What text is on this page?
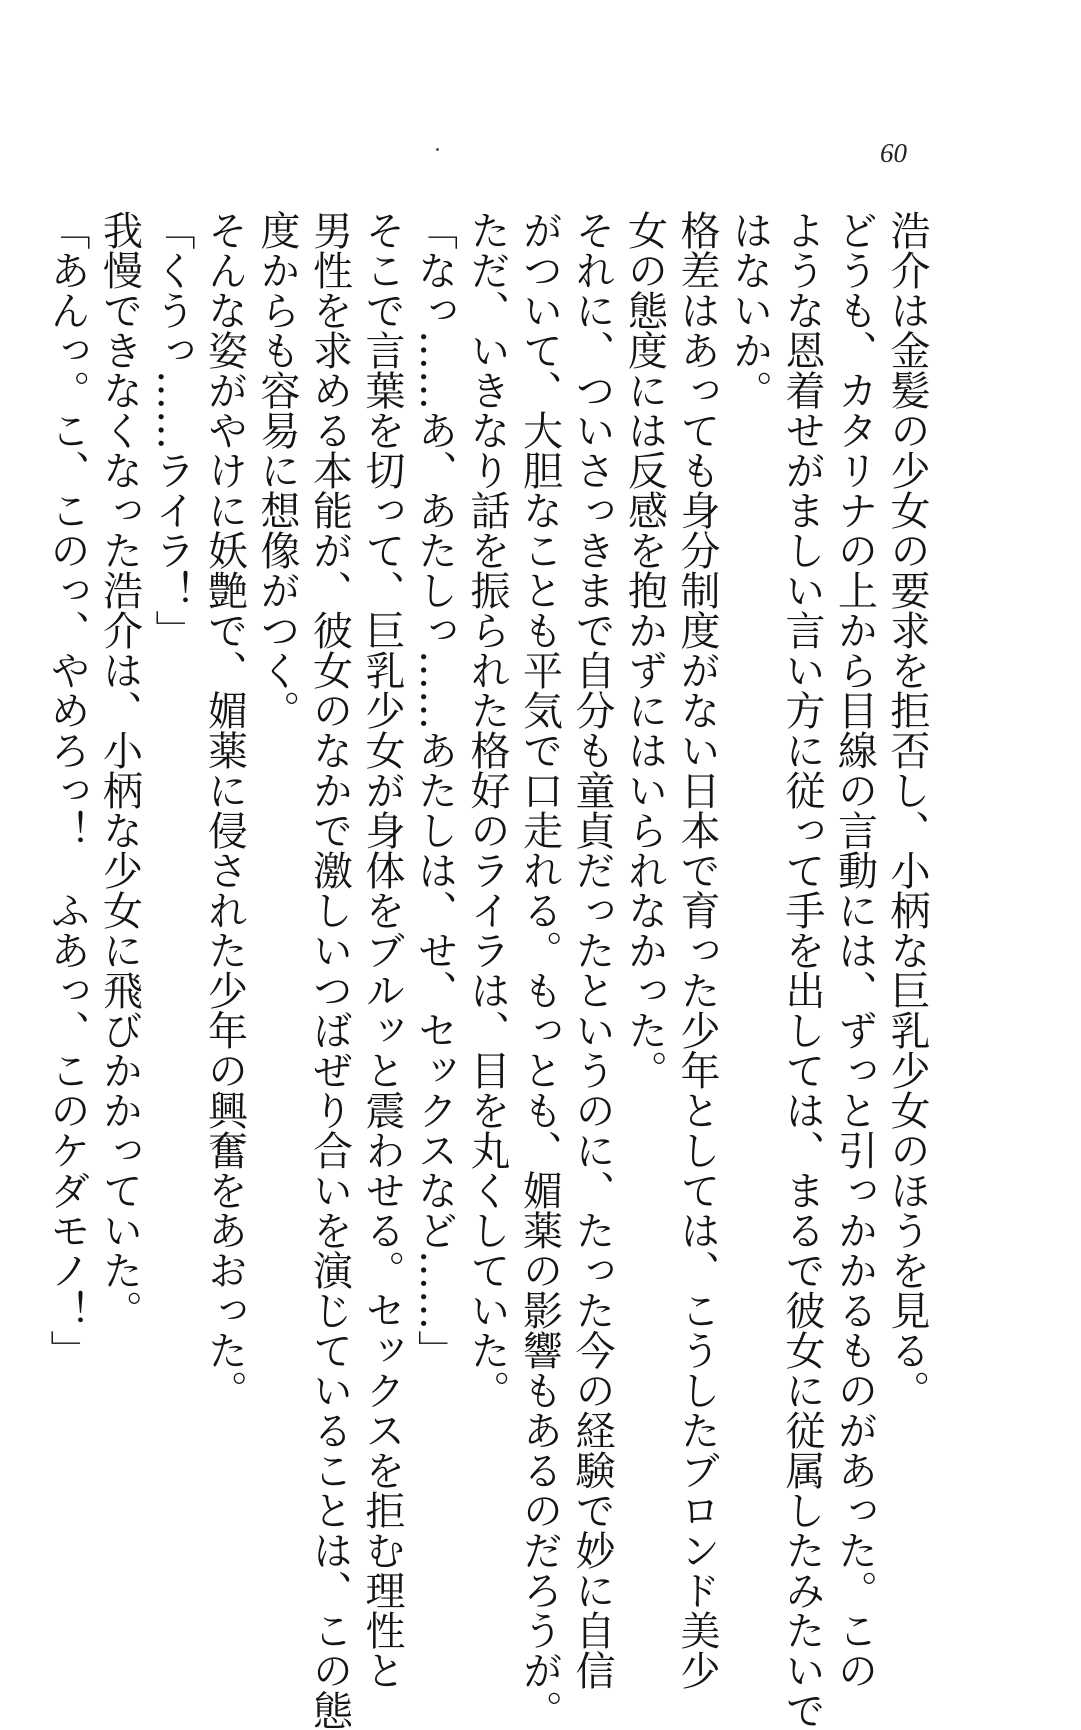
60
浩介は金髪の少女の要求を拒否し、小柄な巨乳少女のほうを見る。
どうも、カタリナの上から目線の言動には、ずっと引っかかるものがあった。この
ような恩着せがましい言い方に従って手を出しては、まるで彼女に従属したみたいで
はないか。
格差はあっても身分制度がない日本で育った少年としては、こうしたブロンド美少
女の態度には反感を抱かずにはいられなかった。
それに、ついさっきまで自分も童貞だったというのに、たった今の経験で妙に自信
がついて、大胆なことも平気で口走れる。もっとも、媚薬の影響もあるのだろうが。
ただ、いきなり話を振られた格好のライラは、目を丸くしていた。
「なっ……あ、あたしっ……あたしは、せ、セックスなど……」
そこで言葉を切って、巨乳少女が身体をブルッと震わせる。セックスを拒む理性と
男性を求める本能が、彼女のなかで激しいつばぜり合いを演じていることは、この態
度からも容易に想像がつく。
そんな姿がやけに妖艶で、媚薬に侵された少年の興奮をあおった。
「くうっ……ライラ！」
我慢できなくなった浩介は、小柄な少女に飛びかかっていた。
「あんっ。こ、このっ、やめろっ！　ふあっ、このケダモノ！」
